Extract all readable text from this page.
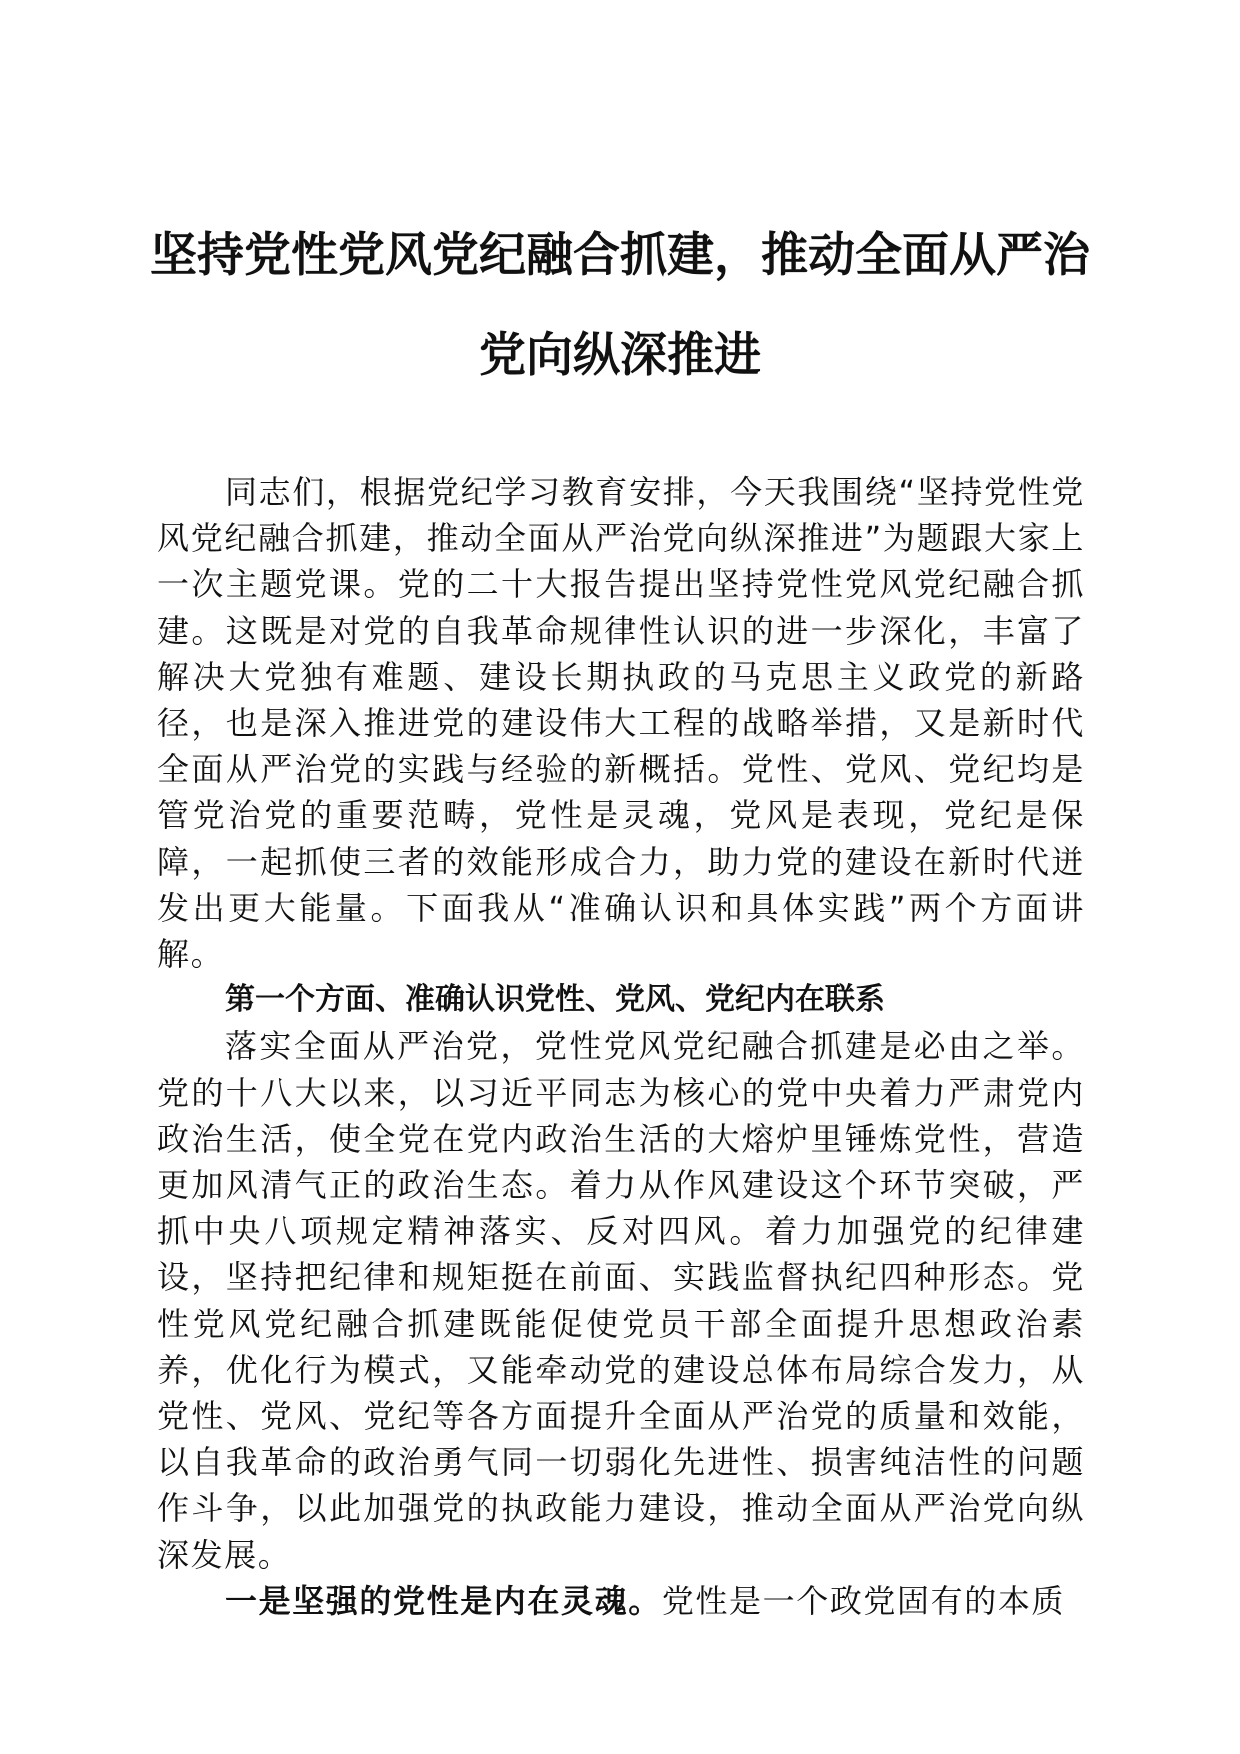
坚持党性党风党纪融合抓建，推动全面从严治
党向纵深推进

同志们，根据党纪学习教育安排，今天我围绕“坚持党性党风党纪融合抓建，推动全面从严治党向纵深推进”为题跟大家上一次主题党课。党的二十大报告提出坚持党性党风党纪融合抓建。这既是对党的自我革命规律性认识的进一步深化，丰富了解决大党独有难题、建设长期执政的马克思主义政党的新路径，也是深入推进党的建设伟大工程的战略举措，又是新时代全面从严治党的实践与经验的新概括。党性、党风、党纪均是管党治党的重要范畴，党性是灵魂，党风是表现，党纪是保障，一起抓使三者的效能形成合力，助力党的建设在新时代迸发出更大能量。下面我从“准确认识和具体实践”两个方面讲解。

第一个方面、准确认识党性、党风、党纪内在联系

落实全面从严治党，党性党风党纪融合抓建是必由之举。党的十八大以来，以习近平同志为核心的党中央着力严肃党内政治生活，使全党在党内政治生活的大熔炉里锤炼党性，营造更加风清气正的政治生态。着力从作风建设这个环节突破，严抓中央八项规定精神落实、反对四风。着力加强党的纪律建设，坚持把纪律和规矩挺在前面、实践监督执纪四种形态。党性党风党纪融合抓建既能促使党员干部全面提升思想政治素养，优化行为模式，又能牵动党的建设总体布局综合发力，从党性、党风、党纪等各方面提升全面从严治党的质量和效能，以自我革命的政治勇气同一切弱化先进性、损害纯洁性的问题作斗争，以此加强党的执政能力建设，推动全面从严治党向纵深发展。

一是坚强的党性是内在灵魂。党性是一个政党固有的本质
